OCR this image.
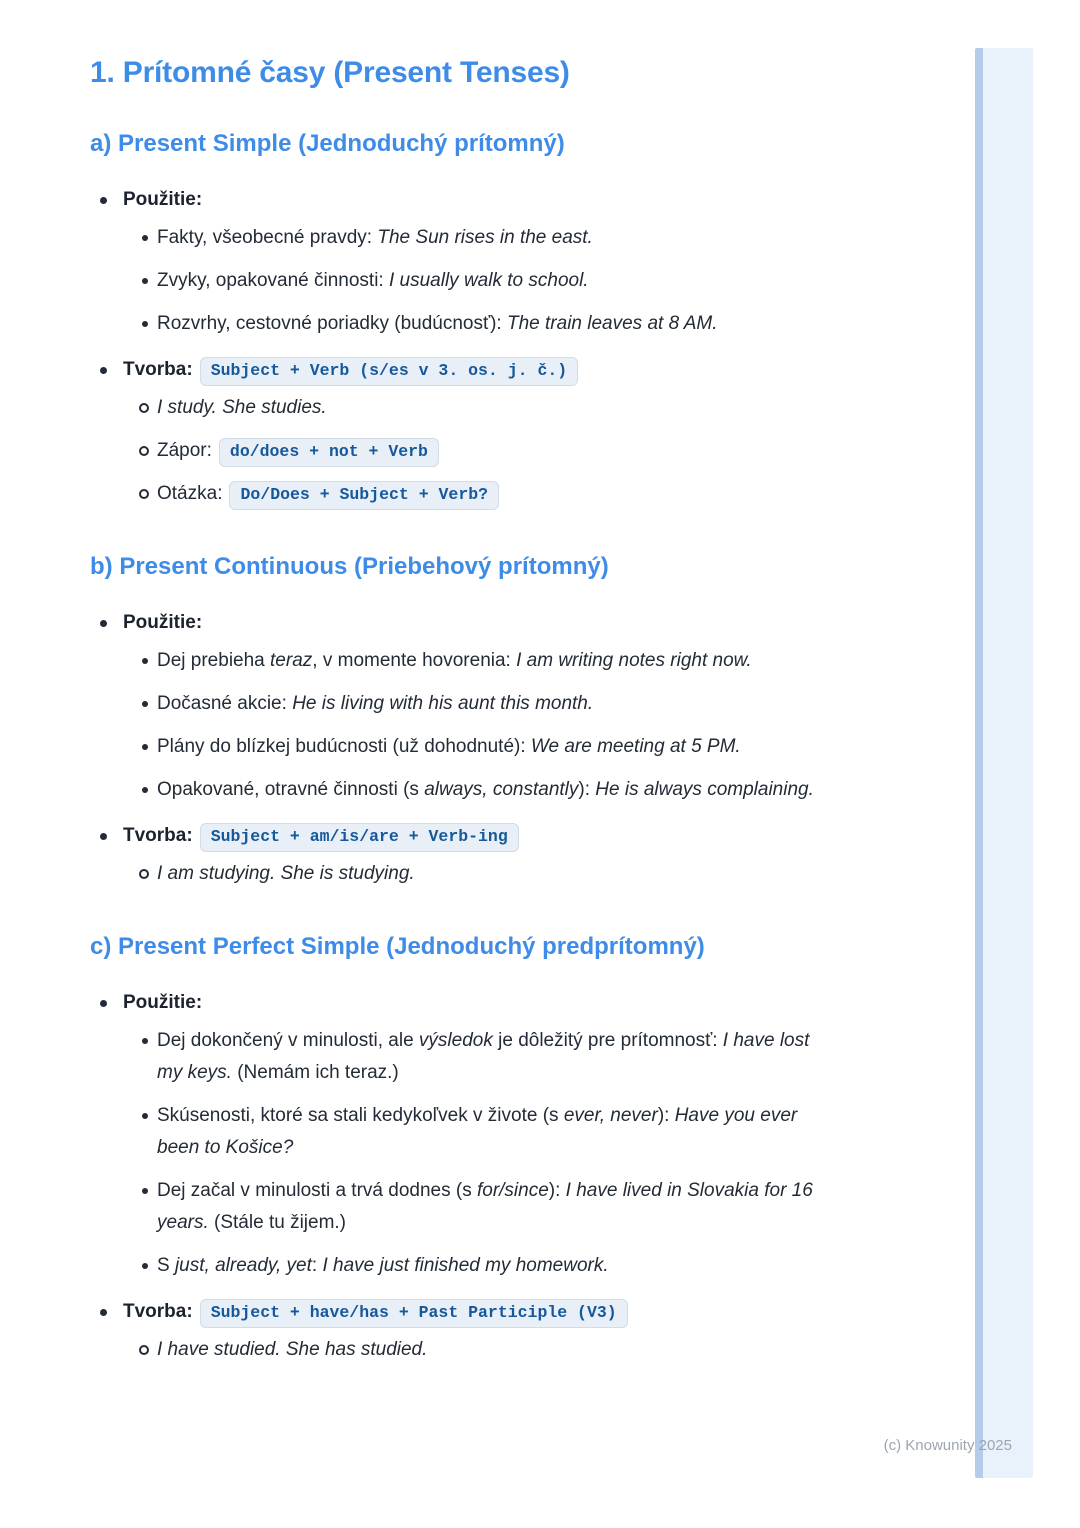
(c) Knowunity 2025
1. Prítomné časy (Present Tenses)
a) Present Simple (Jednoduchý prítomný)
Použitie:
Fakty, všeobecné pravdy: The Sun rises in the east.
Zvyky, opakované činnosti: I usually walk to school.
Rozvrhy, cestovné poriadky (budúcnosť): The train leaves at 8 AM.
Tvorba: Subject + Verb (s/es v 3. os. j. č.)
I study. She studies.
Zápor: do/does + not + Verb
Otázka: Do/Does + Subject + Verb?
b) Present Continuous (Priebehový prítomný)
Použitie:
Dej prebieha teraz, v momente hovorenia: I am writing notes right now.
Dočasné akcie: He is living with his aunt this month.
Plány do blízkej budúcnosti (už dohodnuté): We are meeting at 5 PM.
Opakované, otravné činnosti (s always, constantly): He is always complaining.
Tvorba: Subject + am/is/are + Verb-ing
I am studying. She is studying.
c) Present Perfect Simple (Jednoduchý predprítomný)
Použitie:
Dej dokončený v minulosti, ale výsledok je dôležitý pre prítomnosť: I have lost my keys. (Nemám ich teraz.)
Skúsenosti, ktoré sa stali kedykoľvek v živote (s ever, never): Have you ever been to Košice?
Dej začal v minulosti a trvá dodnes (s for/since): I have lived in Slovakia for 16 years. (Stále tu žijem.)
S just, already, yet: I have just finished my homework.
Tvorba: Subject + have/has + Past Participle (V3)
I have studied. She has studied.
